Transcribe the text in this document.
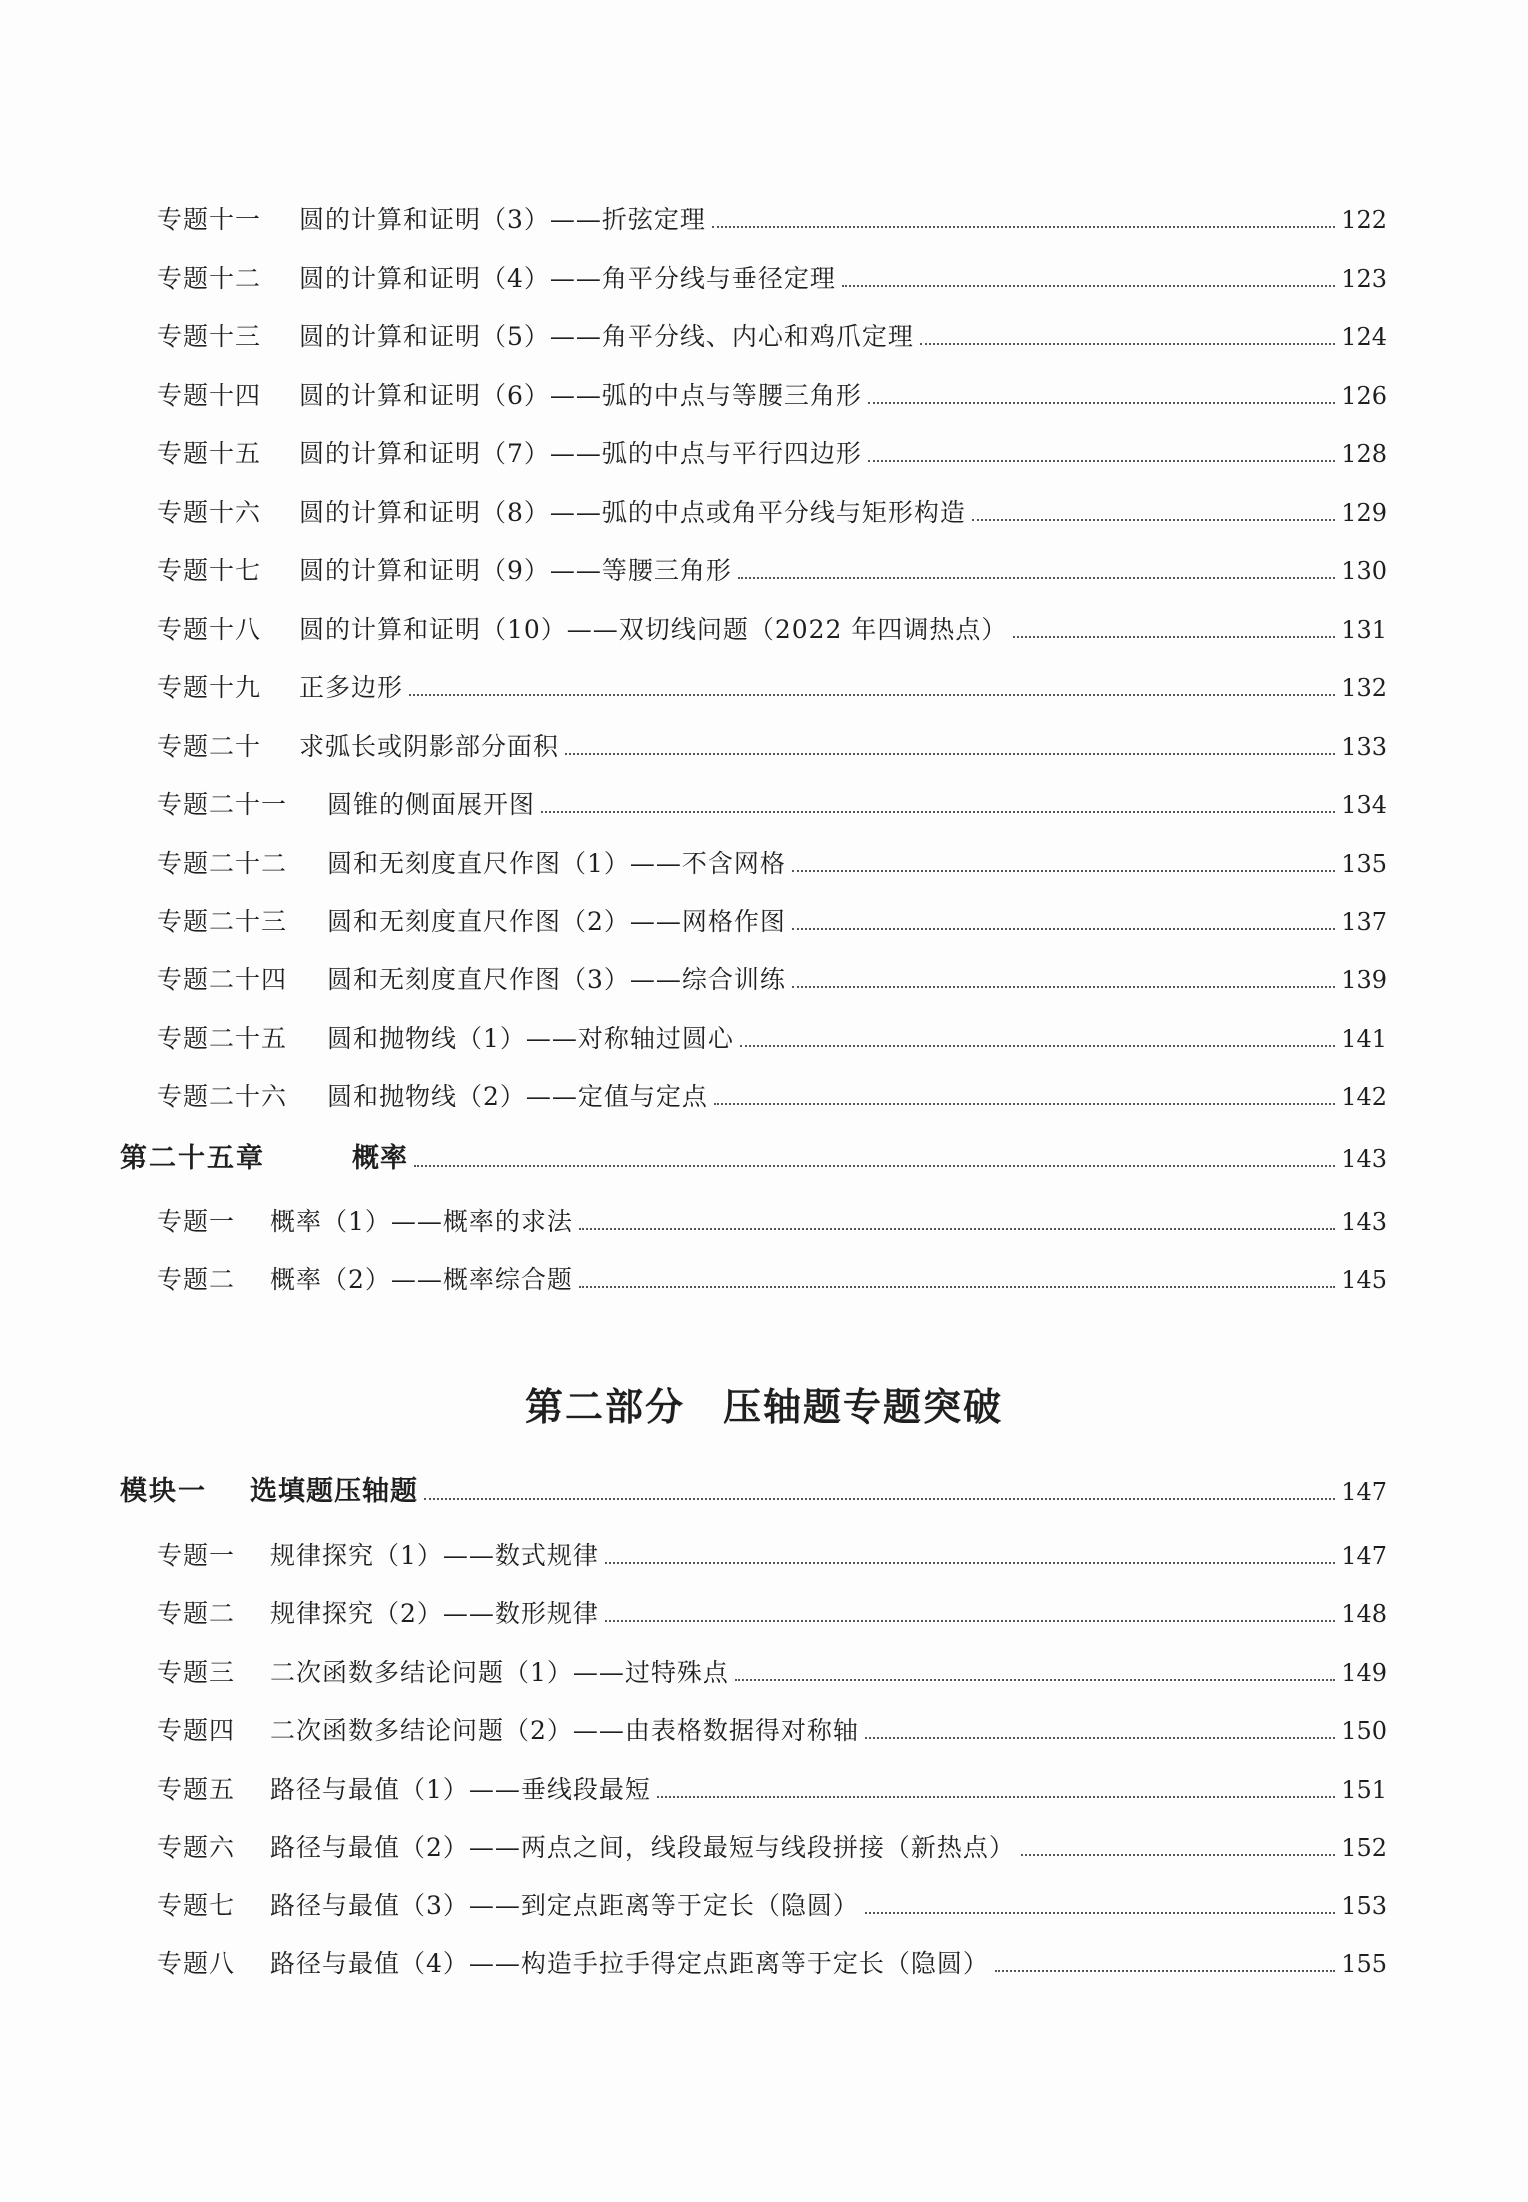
专题十一	圆的计算和证明（3）——折弦定理	122
专题十二	圆的计算和证明（4）——角平分线与垂径定理	123
专题十三	圆的计算和证明（5）——角平分线、内心和鸡爪定理	124
专题十四	圆的计算和证明（6）——弧的中点与等腰三角形	126
专题十五	圆的计算和证明（7）——弧的中点与平行四边形	128
专题十六	圆的计算和证明（8）——弧的中点或角平分线与矩形构造	129
专题十七	圆的计算和证明（9）——等腰三角形	130
专题十八	圆的计算和证明（10）——双切线问题（2022 年四调热点）	131
专题十九	正多边形	132
专题二十	求弧长或阴影部分面积	133
专题二十一	圆锥的侧面展开图	134
专题二十二	圆和无刻度直尺作图（1）——不含网格	135
专题二十三	圆和无刻度直尺作图（2）——网格作图	137
专题二十四	圆和无刻度直尺作图（3）——综合训练	139
专题二十五	圆和抛物线（1）——对称轴过圆心	141
专题二十六	圆和抛物线（2）——定值与定点	142
第二十五章	概率	143
专题一	概率（1）——概率的求法	143
专题二	概率（2）——概率综合题	145
第二部分 压轴题专题突破
模块一	选填题压轴题	147
专题一	规律探究（1）——数式规律	147
专题二	规律探究（2）——数形规律	148
专题三	二次函数多结论问题（1）——过特殊点	149
专题四	二次函数多结论问题（2）——由表格数据得对称轴	150
专题五	路径与最值（1）——垂线段最短	151
专题六	路径与最值（2）——两点之间，线段最短与线段拼接（新热点）	152
专题七	路径与最值（3）——到定点距离等于定长（隐圆）	153
专题八	路径与最值（4）——构造手拉手得定点距离等于定长（隐圆）	155
